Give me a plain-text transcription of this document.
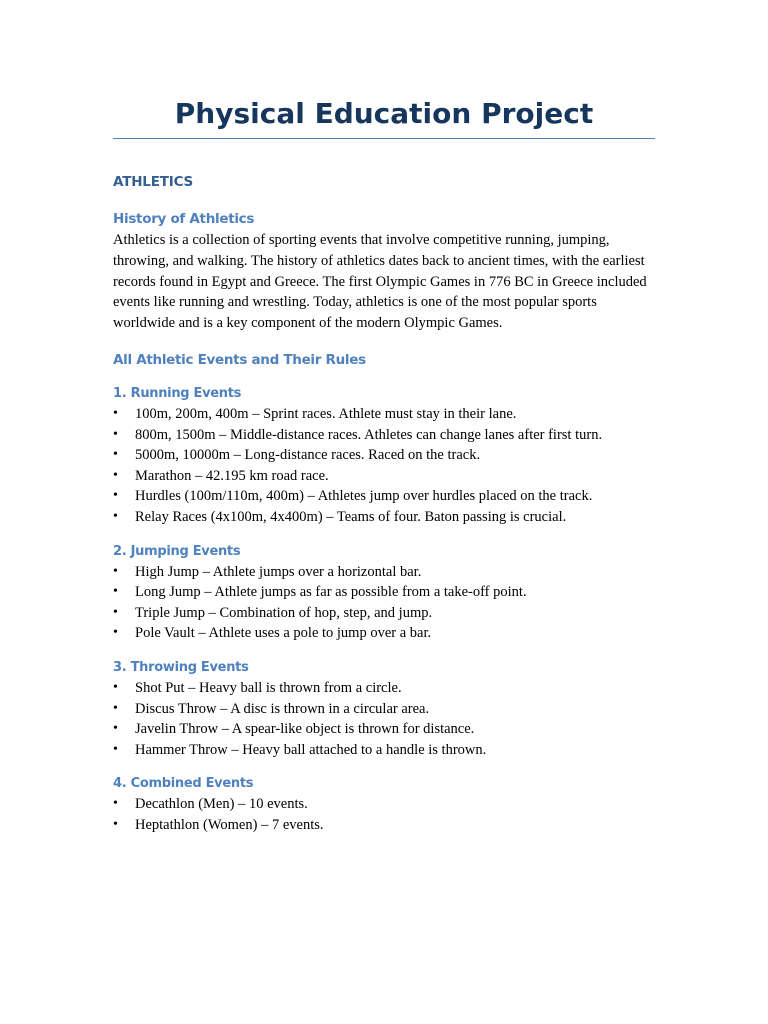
Physical Education Project
ATHLETICS
History of Athletics

Athletics is a collection of sporting events that involve competitive running, jumping, throwing, and walking. The history of athletics dates back to ancient times, with the earliest records found in Egypt and Greece. The first Olympic Games in 776 BC in Greece included events like running and wrestling. Today, athletics is one of the most popular sports worldwide and is a key component of the modern Olympic Games.

All Athletic Events and Their Rules
1. Running Events
• 100m, 200m, 400m – Sprint races. Athlete must stay in their lane.
• 800m, 1500m – Middle-distance races. Athletes can change lanes after first turn.
• 5000m, 10000m – Long-distance races. Raced on the track.
• Marathon – 42.195 km road race.
• Hurdles (100m/110m, 400m) – Athletes jump over hurdles placed on the track.
• Relay Races (4x100m, 4x400m) – Teams of four. Baton passing is crucial.
2. Jumping Events
• High Jump – Athlete jumps over a horizontal bar.
• Long Jump – Athlete jumps as far as possible from a take-off point.
• Triple Jump – Combination of hop, step, and jump.
• Pole Vault – Athlete uses a pole to jump over a bar.
3. Throwing Events
• Shot Put – Heavy ball is thrown from a circle.
• Discus Throw – A disc is thrown in a circular area.
• Javelin Throw – A spear-like object is thrown for distance.
• Hammer Throw – Heavy ball attached to a handle is thrown.
4. Combined Events
• Decathlon (Men) – 10 events.
• Heptathlon (Women) – 7 events.
